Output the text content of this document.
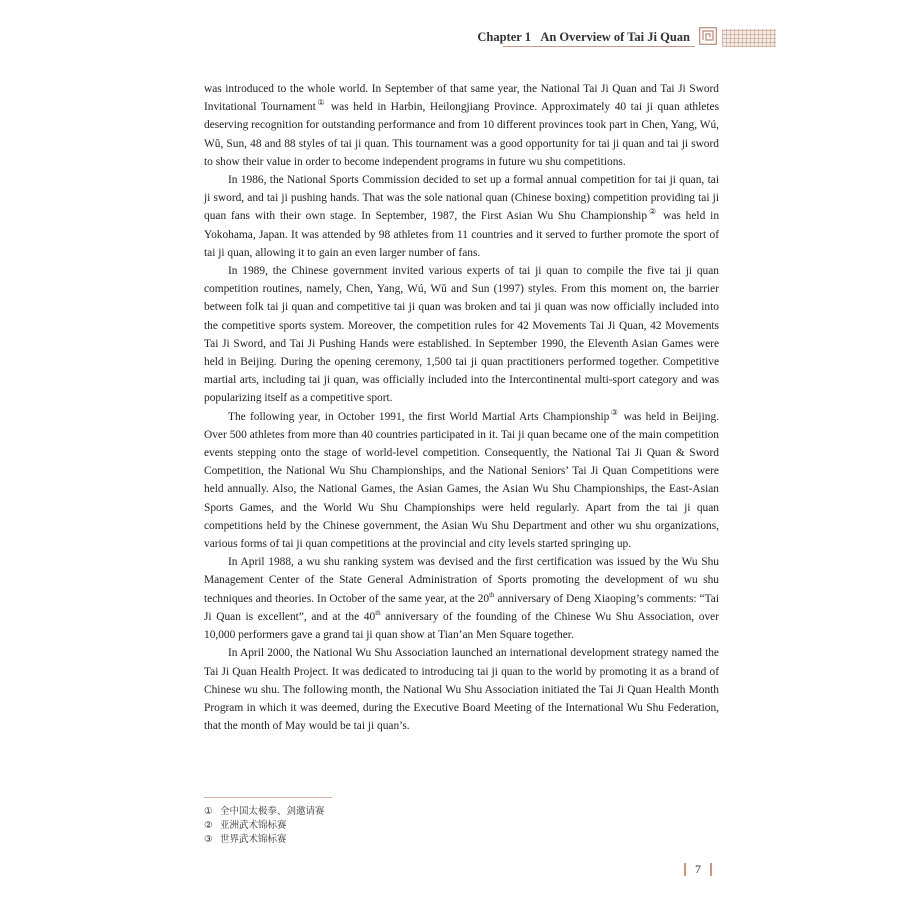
Chapter 1 An Overview of Tai Ji Quan

was introduced to the whole world. In September of that same year, the National Tai Ji Quan and Tai Ji Sword Invitational Tournament① was held in Harbin, Heilongjiang Province. Approximately 40 tai ji quan athletes deserving recognition for outstanding performance and from 10 different provinces took part in Chen, Yang, Wú, Wŭ, Sun, 48 and 88 styles of tai ji quan. This tournament was a good opportunity for tai ji quan and tai ji sword to show their value in order to become independent programs in future wu shu competitions.

In 1986, the National Sports Commission decided to set up a formal annual competition for tai ji quan, tai ji sword, and tai ji pushing hands. That was the sole national quan (Chinese boxing) competition providing tai ji quan fans with their own stage. In September, 1987, the First Asian Wu Shu Championship② was held in Yokohama, Japan. It was attended by 98 athletes from 11 countries and it served to further promote the sport of tai ji quan, allowing it to gain an even larger number of fans.

In 1989, the Chinese government invited various experts of tai ji quan to compile the five tai ji quan competition routines, namely, Chen, Yang, Wú, Wŭ and Sun (1997) styles. From this moment on, the barrier between folk tai ji quan and competitive tai ji quan was broken and tai ji quan was now officially included into the competitive sports system. Moreover, the competition rules for 42 Movements Tai Ji Quan, 42 Movements Tai Ji Sword, and Tai Ji Pushing Hands were established. In September 1990, the Eleventh Asian Games were held in Beijing. During the opening ceremony, 1,500 tai ji quan practitioners performed together. Competitive martial arts, including tai ji quan, was officially included into the Intercontinental multi-sport category and was popularizing itself as a competitive sport.

The following year, in October 1991, the first World Martial Arts Championship③ was held in Beijing. Over 500 athletes from more than 40 countries participated in it. Tai ji quan became one of the main competition events stepping onto the stage of world-level competition. Consequently, the National Tai Ji Quan & Sword Competition, the National Wu Shu Championships, and the National Seniors’ Tai Ji Quan Competitions were held annually. Also, the National Games, the Asian Games, the Asian Wu Shu Championships, the East-Asian Sports Games, and the World Wu Shu Championships were held regularly. Apart from the tai ji quan competitions held by the Chinese government, the Asian Wu Shu Department and other wu shu organizations, various forms of tai ji quan competitions at the provincial and city levels started springing up.

In April 1988, a wu shu ranking system was devised and the first certification was issued by the Wu Shu Management Center of the State General Administration of Sports promoting the development of wu shu techniques and theories. In October of the same year, at the 20th anniversary of Deng Xiaoping’s comments: “Tai Ji Quan is excellent”, and at the 40th anniversary of the founding of the Chinese Wu Shu Association, over 10,000 performers gave a grand tai ji quan show at Tian’an Men Square together.

In April 2000, the National Wu Shu Association launched an international development strategy named the Tai Ji Quan Health Project. It was dedicated to introducing tai ji quan to the world by promoting it as a brand of Chinese wu shu. The following month, the National Wu Shu Association initiated the Tai Ji Quan Health Month Program in which it was deemed, during the Executive Board Meeting of the International Wu Shu Federation, that the month of May would be tai ji quan’s.

① 全中国太极拳、剑邀请赛
② 亚洲武术锦标赛
③ 世界武术锦标赛
7
